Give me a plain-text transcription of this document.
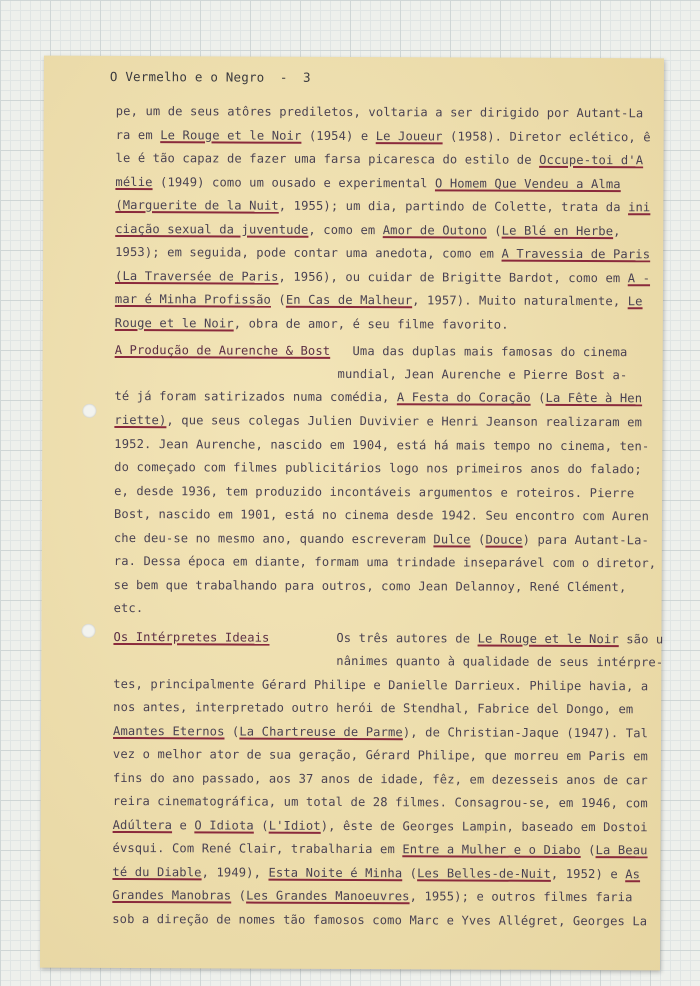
O Vermelho e o Negro  -  3
pe, um de seus atôres prediletos, voltaria a ser dirigido por Autant-La
ra em Le Rouge et le Noir (1954) e Le Joueur (1958). Diretor eclético, ê
le é tão capaz de fazer uma farsa picaresca do estilo de Occupe-toi d'A
mélie (1949) como um ousado e experimental O Homem Que Vendeu a Alma
(Marguerite de la Nuit, 1955); um dia, partindo de Colette, trata da ini
ciação sexual da juventude, como em Amor de Outono (Le Blé en Herbe,
1953); em seguida, pode contar uma anedota, como em A Travessia de Paris
(La Traversée de Paris, 1956), ou cuidar de Brigitte Bardot, como em A -
mar é Minha Profissão (En Cas de Malheur, 1957). Muito naturalmente, Le
Rouge et le Noir, obra de amor, é seu filme favorito.
A Produção de Aurenche & Bost   Uma das duplas mais famosas do cinema
mundial, Jean Aurenche e Pierre Bost a-
té já foram satirizados numa comédia, A Festa do Coração (La Fête à Hen
riette), que seus colegas Julien Duvivier e Henri Jeanson realizaram em
1952. Jean Aurenche, nascido em 1904, está há mais tempo no cinema, ten-
do começado com filmes publicitários logo nos primeiros anos do falado;
e, desde 1936, tem produzido incontáveis argumentos e roteiros. Pierre
Bost, nascido em 1901, está no cinema desde 1942. Seu encontro com Auren
che deu-se no mesmo ano, quando escreveram Dulce (Douce) para Autant-La-
ra. Dessa época em diante, formam uma trindade inseparável com o diretor,
se bem que trabalhando para outros, como Jean Delannoy, René Clément,
etc.
Os Intérpretes Ideais         Os três autores de Le Rouge et le Noir são u
nânimes quanto à qualidade de seus intérpre-
tes, principalmente Gérard Philipe e Danielle Darrieux. Philipe havia, a
nos antes, interpretado outro herói de Stendhal, Fabrice del Dongo, em
Amantes Eternos (La Chartreuse de Parme), de Christian-Jaque (1947). Tal
vez o melhor ator de sua geração, Gérard Philipe, que morreu em Paris em
fins do ano passado, aos 37 anos de idade, fêz, em dezesseis anos de car
reira cinematográfica, um total de 28 filmes. Consagrou-se, em 1946, com
Adúltera e O Idiota (L'Idiot), êste de Georges Lampin, baseado em Dostoi
évsqui. Com René Clair, trabalharia em Entre a Mulher e o Diabo (La Beau
té du Diable, 1949), Esta Noite é Minha (Les Belles-de-Nuit, 1952) e As
Grandes Manobras (Les Grandes Manoeuvres, 1955); e outros filmes faria
sob a direção de nomes tão famosos como Marc e Yves Allégret, Georges La
